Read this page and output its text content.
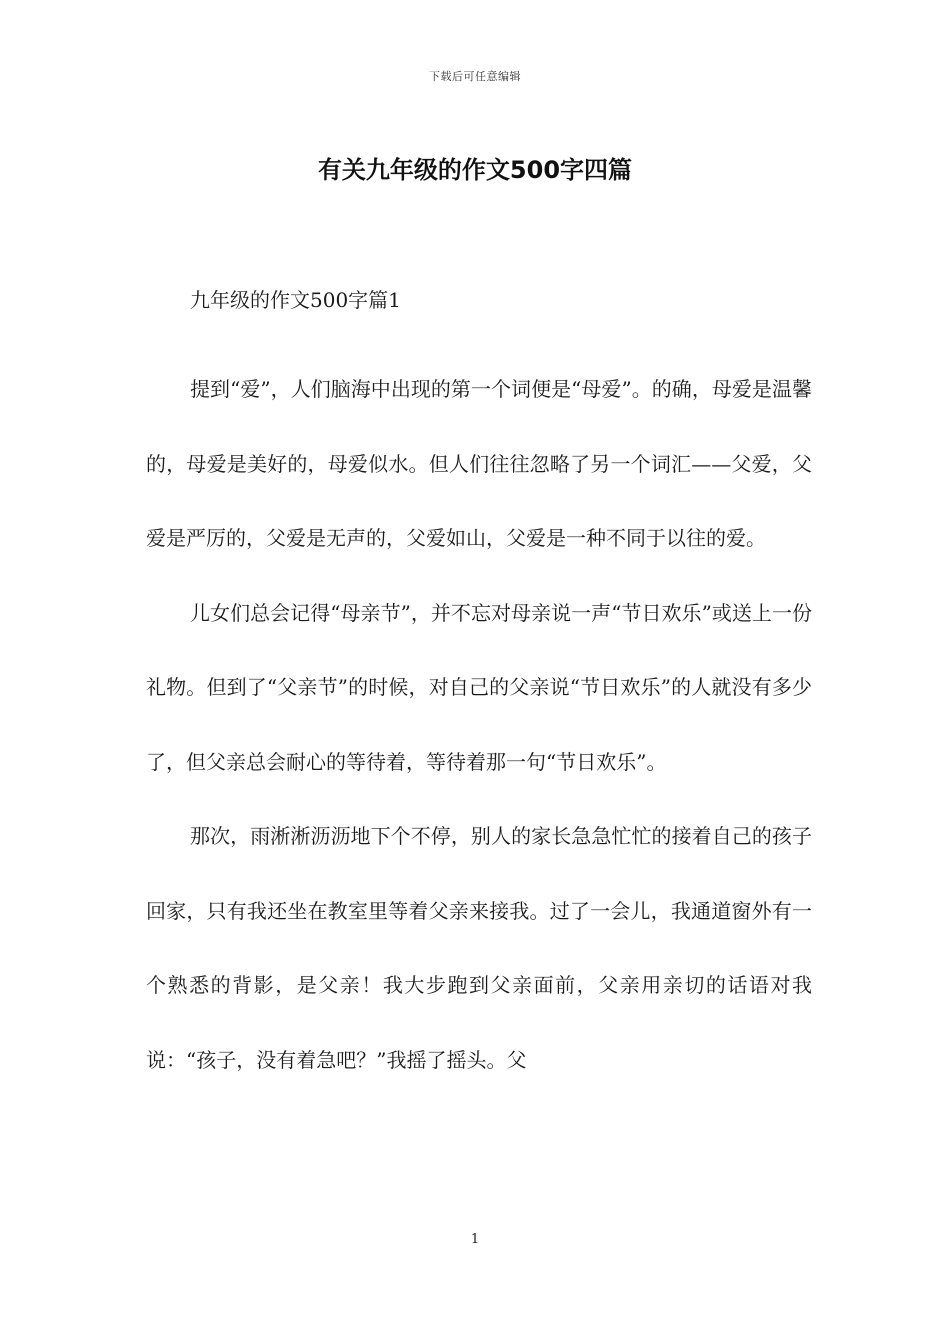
下载后可任意编辑
有关九年级的作文500字四篇
九年级的作文500字篇1

提到“爱”，人们脑海中出现的第一个词便是“母爱”。的确，母爱是温馨的，母爱是美好的，母爱似水。但人们往往忽略了另一个词汇——父爱，父爱是严厉的，父爱是无声的，父爱如山，父爱是一种不同于以往的爱。

儿女们总会记得“母亲节”，并不忘对母亲说一声“节日欢乐”或送上一份礼物。但到了“父亲节”的时候，对自己的父亲说“节日欢乐”的人就没有多少了，但父亲总会耐心的等待着，等待着那一句“节日欢乐”。

那次，雨淅淅沥沥地下个不停，别人的家长急急忙忙的接着自己的孩子回家，只有我还坐在教室里等着父亲来接我。过了一会儿，我通道窗外有一个熟悉的背影，是父亲！我大步跑到父亲面前，父亲用亲切的话语对我说：“孩子，没有着急吧？”我摇了摇头。父

1
